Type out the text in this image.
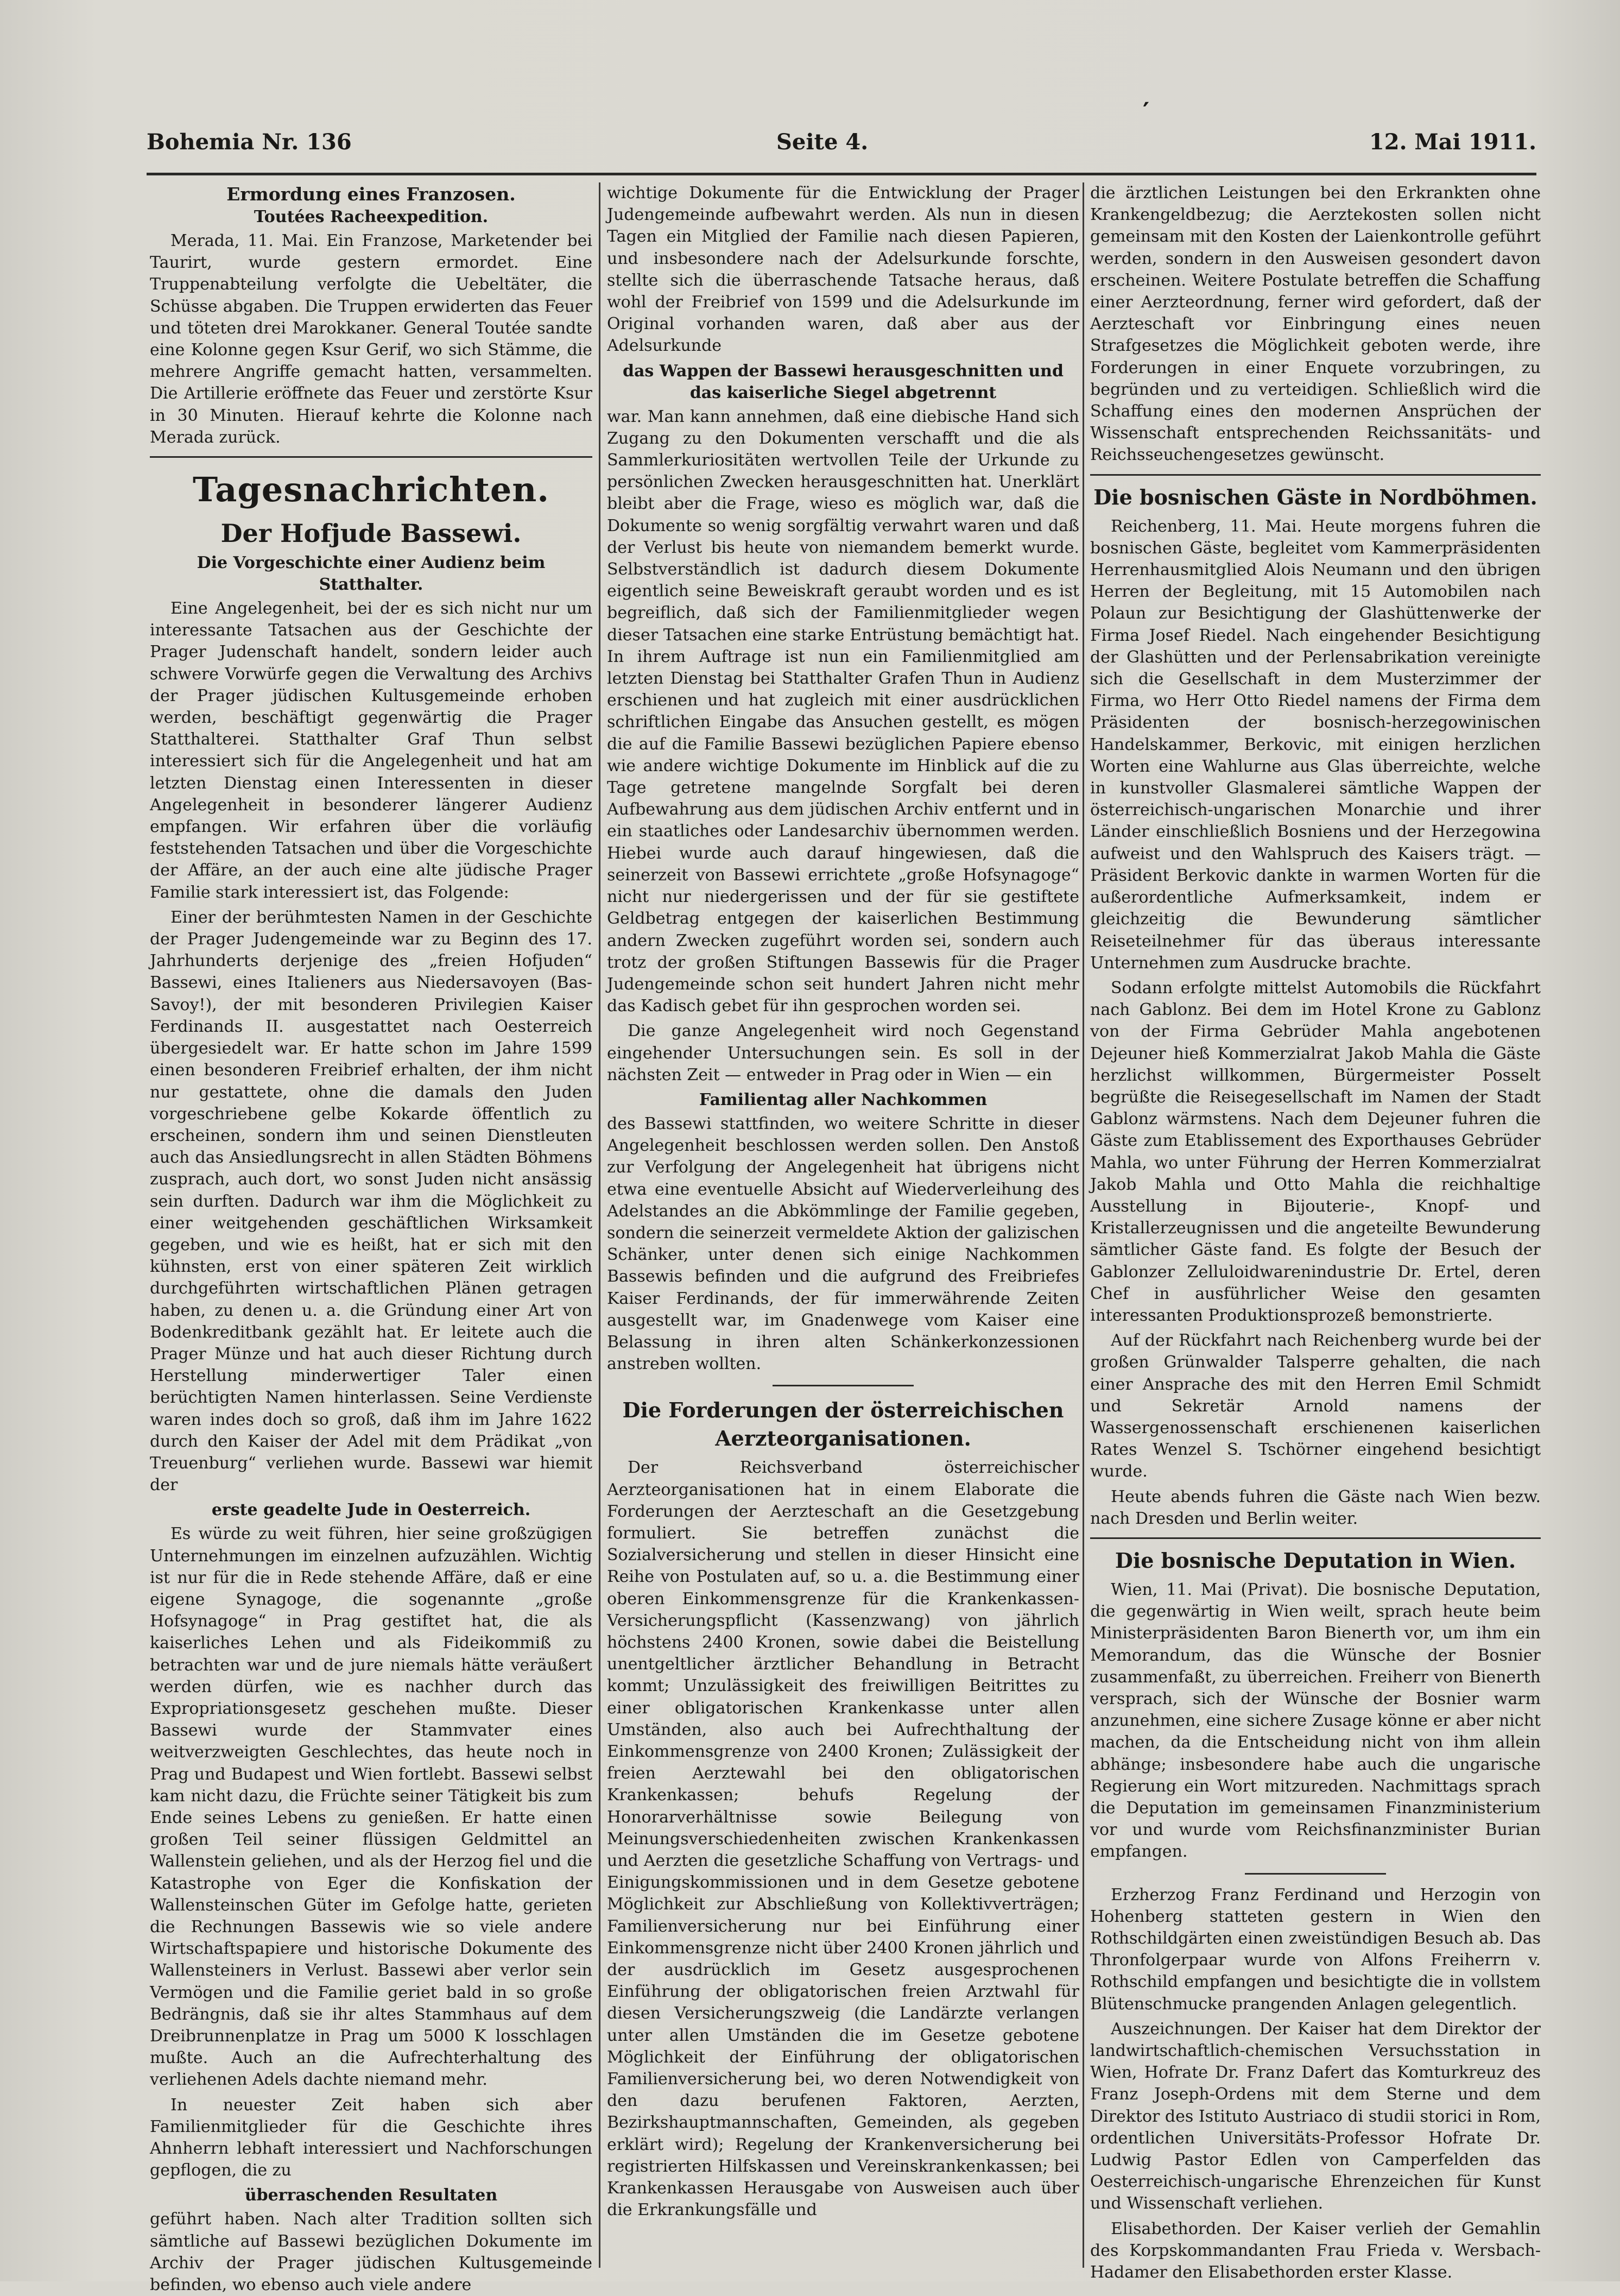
′
Bohemia Nr. 136	Seite 4.	12. Mai 1911.
Ermordung eines Franzosen.
Toutées Racheexpedition.

Merada, 11. Mai. Ein Franzose, Marketender bei Taurirt, wurde gestern ermordet. Eine Truppenabteilung verfolgte die Uebeltäter, die Schüsse abgaben. Die Truppen erwiderten das Feuer und töteten drei Marokkaner. General Toutée sandte eine Kolonne gegen Ksur Gerif, wo sich Stämme, die mehrere Angriffe gemacht hatten, versammelten. Die Artillerie eröffnete das Feuer und zerstörte Ksur in 30 Minuten. Hierauf kehrte die Kolonne nach Merada zurück.

Tagesnachrichten.
Der Hofjude Bassewi.
Die Vorgeschichte einer Audienz beim Statthalter.

Eine Angelegenheit, bei der es sich nicht nur um interessante Tatsachen aus der Geschichte der Prager Judenschaft handelt, sondern leider auch schwere Vorwürfe gegen die Verwaltung des Archivs der Prager jüdischen Kultusgemeinde erhoben werden, beschäftigt gegenwärtig die Prager Statthalterei. Statthalter Graf Thun selbst interessiert sich für die Angelegenheit und hat am letzten Dienstag einen Interessenten in dieser Angelegenheit in besonderer längerer Audienz empfangen. Wir erfahren über die vorläufig feststehenden Tatsachen und über die Vorgeschichte der Affäre, an der auch eine alte jüdische Prager Familie stark interessiert ist, das Folgende:

Einer der berühmtesten Namen in der Geschichte der Prager Judengemeinde war zu Beginn des 17. Jahrhunderts derjenige des „freien Hofjuden“ Bassewi, eines Italieners aus Niedersavoyen (Bas-Savoy!), der mit besonderen Privilegien Kaiser Ferdinands II. ausgestattet nach Oesterreich übergesiedelt war. Er hatte schon im Jahre 1599 einen besonderen Freibrief erhalten, der ihm nicht nur gestattete, ohne die damals den Juden vorgeschriebene gelbe Kokarde öffentlich zu erscheinen, sondern ihm und seinen Dienstleuten auch das Ansiedlungsrecht in allen Städten Böhmens zusprach, auch dort, wo sonst Juden nicht ansässig sein durften. Dadurch war ihm die Möglichkeit zu einer weitgehenden geschäftlichen Wirksamkeit gegeben, und wie es heißt, hat er sich mit den kühnsten, erst von einer späteren Zeit wirklich durchgeführten wirtschaftlichen Plänen getragen haben, zu denen u. a. die Gründung einer Art von Bodenkreditbank gezählt hat. Er leitete auch die Prager Münze und hat auch dieser Richtung durch Herstellung minderwertiger Taler einen berüchtigten Namen hinterlassen. Seine Verdienste waren indes doch so groß, daß ihm im Jahre 1622 durch den Kaiser der Adel mit dem Prädikat „von Treuenburg“ verliehen wurde. Bassewi war hiemit der

erste geadelte Jude in Oesterreich.

Es würde zu weit führen, hier seine großzügigen Unternehmungen im einzelnen aufzuzählen. Wichtig ist nur für die in Rede stehende Affäre, daß er eine eigene Synagoge, die sogenannte „große Hofsynagoge“ in Prag gestiftet hat, die als kaiserliches Lehen und als Fideikommiß zu betrachten war und de jure niemals hätte veräußert werden dürfen, wie es nachher durch das Expropriationsgesetz geschehen mußte. Dieser Bassewi wurde der Stammvater eines weitverzweigten Geschlechtes, das heute noch in Prag und Budapest und Wien fortlebt. Bassewi selbst kam nicht dazu, die Früchte seiner Tätigkeit bis zum Ende seines Lebens zu genießen. Er hatte einen großen Teil seiner flüssigen Geldmittel an Wallenstein geliehen, und als der Herzog fiel und die Katastrophe von Eger die Konfiskation der Wallensteinschen Güter im Gefolge hatte, gerieten die Rechnungen Bassewis wie so viele andere Wirtschaftspapiere und historische Dokumente des Wallensteiners in Verlust. Bassewi aber verlor sein Vermögen und die Familie geriet bald in so große Bedrängnis, daß sie ihr altes Stammhaus auf dem Dreibrunnenplatze in Prag um 5000 K losschlagen mußte. Auch an die Aufrechterhaltung des verliehenen Adels dachte niemand mehr.

In neuester Zeit haben sich aber Familienmitglieder für die Geschichte ihres Ahnherrn lebhaft interessiert und Nachforschungen gepflogen, die zu

überraschenden Resultaten

geführt haben. Nach alter Tradition sollten sich sämtliche auf Bassewi bezüglichen Dokumente im Archiv der Prager jüdischen Kultusgemeinde befinden, wo ebenso auch viele andere

wichtige Dokumente für die Entwicklung der Prager Judengemeinde aufbewahrt werden. Als nun in diesen Tagen ein Mitglied der Familie nach diesen Papieren, und insbesondere nach der Adelsurkunde forschte, stellte sich die überraschende Tatsache heraus, daß wohl der Freibrief von 1599 und die Adelsurkunde im Original vorhanden waren, daß aber aus der Adelsurkunde

das Wappen der Bassewi herausgeschnitten und das kaiserliche Siegel abgetrennt

war. Man kann annehmen, daß eine diebische Hand sich Zugang zu den Dokumenten verschafft und die als Sammlerkuriositäten wertvollen Teile der Urkunde zu persönlichen Zwecken herausgeschnitten hat. Unerklärt bleibt aber die Frage, wieso es möglich war, daß die Dokumente so wenig sorgfältig verwahrt waren und daß der Verlust bis heute von niemandem bemerkt wurde. Selbstverständlich ist dadurch diesem Dokumente eigentlich seine Beweiskraft geraubt worden und es ist begreiflich, daß sich der Familienmitglieder wegen dieser Tatsachen eine starke Entrüstung bemächtigt hat. In ihrem Auftrage ist nun ein Familienmitglied am letzten Dienstag bei Statthalter Grafen Thun in Audienz erschienen und hat zugleich mit einer ausdrücklichen schriftlichen Eingabe das Ansuchen gestellt, es mögen die auf die Familie Bassewi bezüglichen Papiere ebenso wie andere wichtige Dokumente im Hinblick auf die zu Tage getretene mangelnde Sorgfalt bei deren Aufbewahrung aus dem jüdischen Archiv entfernt und in ein staatliches oder Landesarchiv übernommen werden. Hiebei wurde auch darauf hingewiesen, daß die seinerzeit von Bassewi errichtete „große Hofsynagoge“ nicht nur niedergerissen und der für sie gestiftete Geldbetrag entgegen der kaiserlichen Bestimmung andern Zwecken zugeführt worden sei, sondern auch trotz der großen Stiftungen Bassewis für die Prager Judengemeinde schon seit hundert Jahren nicht mehr das Kadisch gebet für ihn gesprochen worden sei.

Die ganze Angelegenheit wird noch Gegenstand eingehender Untersuchungen sein. Es soll in der nächsten Zeit — entweder in Prag oder in Wien — ein

Familientag aller Nachkommen

des Bassewi stattfinden, wo weitere Schritte in dieser Angelegenheit beschlossen werden sollen. Den Anstoß zur Verfolgung der Angelegenheit hat übrigens nicht etwa eine eventuelle Absicht auf Wiederverleihung des Adelstandes an die Abkömmlinge der Familie gegeben, sondern die seinerzeit vermeldete Aktion der galizischen Schänker, unter denen sich einige Nachkommen Bassewis befinden und die aufgrund des Freibriefes Kaiser Ferdinands, der für immerwährende Zeiten ausgestellt war, im Gnadenwege vom Kaiser eine Belassung in ihren alten Schänkerkonzessionen anstreben wollten.

Die Forderungen der österreichischen Aerzteorganisationen.

Der Reichsverband österreichischer Aerzteorganisationen hat in einem Elaborate die Forderungen der Aerzteschaft an die Gesetzgebung formuliert. Sie betreffen zunächst die Sozialversicherung und stellen in dieser Hinsicht eine Reihe von Postulaten auf, so u. a. die Bestimmung einer oberen Einkommensgrenze für die Krankenkassen-Versicherungspflicht (Kassenzwang) von jährlich höchstens 2400 Kronen, sowie dabei die Beistellung unentgeltlicher ärztlicher Behandlung in Betracht kommt; Unzulässigkeit des freiwilligen Beitrittes zu einer obligatorischen Krankenkasse unter allen Umständen, also auch bei Aufrechthaltung der Einkommensgrenze von 2400 Kronen; Zulässigkeit der freien Aerztewahl bei den obligatorischen Krankenkassen; behufs Regelung der Honorarverhältnisse sowie Beilegung von Meinungsverschiedenheiten zwischen Krankenkassen und Aerzten die gesetzliche Schaffung von Vertrags- und Einigungskommissionen und in dem Gesetze gebotene Möglichkeit zur Abschließung von Kollektivverträgen; Familienversicherung nur bei Einführung einer Einkommensgrenze nicht über 2400 Kronen jährlich und der ausdrücklich im Gesetz ausgesprochenen Einführung der obligatorischen freien Arztwahl für diesen Versicherungszweig (die Landärzte verlangen unter allen Umständen die im Gesetze gebotene Möglichkeit der Einführung der obligatorischen Familienversicherung bei, wo deren Notwendigkeit von den dazu berufenen Faktoren, Aerzten, Bezirkshauptmannschaften, Gemeinden, als gegeben erklärt wird); Regelung der Krankenversicherung bei registrierten Hilfskassen und Vereinskrankenkassen; bei Krankenkassen Herausgabe von Ausweisen auch über die Erkrankungsfälle und

die ärztlichen Leistungen bei den Erkrankten ohne Krankengeldbezug; die Aerztekosten sollen nicht gemeinsam mit den Kosten der Laienkontrolle geführt werden, sondern in den Ausweisen gesondert davon erscheinen. Weitere Postulate betreffen die Schaffung einer Aerzteordnung, ferner wird gefordert, daß der Aerzteschaft vor Einbringung eines neuen Strafgesetzes die Möglichkeit geboten werde, ihre Forderungen in einer Enquete vorzubringen, zu begründen und zu verteidigen. Schließlich wird die Schaffung eines den modernen Ansprüchen der Wissenschaft entsprechenden Reichssanitäts- und Reichsseuchengesetzes gewünscht.

Die bosnischen Gäste in Nordböhmen.

Reichenberg, 11. Mai. Heute morgens fuhren die bosnischen Gäste, begleitet vom Kammerpräsidenten Herrenhausmitglied Alois Neumann und den übrigen Herren der Begleitung, mit 15 Automobilen nach Polaun zur Besichtigung der Glashüttenwerke der Firma Josef Riedel. Nach eingehender Besichtigung der Glashütten und der Perlensabrikation vereinigte sich die Gesellschaft in dem Musterzimmer der Firma, wo Herr Otto Riedel namens der Firma dem Präsidenten der bosnisch-herzegowinischen Handelskammer, Berkovic, mit einigen herzlichen Worten eine Wahlurne aus Glas überreichte, welche in kunstvoller Glasmalerei sämtliche Wappen der österreichisch-ungarischen Monarchie und ihrer Länder einschließlich Bosniens und der Herzegowina aufweist und den Wahlspruch des Kaisers trägt. — Präsident Berkovic dankte in warmen Worten für die außerordentliche Aufmerksamkeit, indem er gleichzeitig die Bewunderung sämtlicher Reiseteilnehmer für das überaus interessante Unternehmen zum Ausdrucke brachte.

Sodann erfolgte mittelst Automobils die Rückfahrt nach Gablonz. Bei dem im Hotel Krone zu Gablonz von der Firma Gebrüder Mahla angebotenen Dejeuner hieß Kommerzialrat Jakob Mahla die Gäste herzlichst willkommen, Bürgermeister Posselt begrüßte die Reisegesellschaft im Namen der Stadt Gablonz wärmstens. Nach dem Dejeuner fuhren die Gäste zum Etablissement des Exporthauses Gebrüder Mahla, wo unter Führung der Herren Kommerzialrat Jakob Mahla und Otto Mahla die reichhaltige Ausstellung in Bijouterie-, Knopf- und Kristallerzeugnissen und die angeteilte Bewunderung sämtlicher Gäste fand. Es folgte der Besuch der Gablonzer Zelluloidwarenindustrie Dr. Ertel, deren Chef in ausführlicher Weise den gesamten interessanten Produktionsprozeß bemonstrierte.

Auf der Rückfahrt nach Reichenberg wurde bei der großen Grünwalder Talsperre gehalten, die nach einer Ansprache des mit den Herren Emil Schmidt und Sekretär Arnold namens der Wassergenossenschaft erschienenen kaiserlichen Rates Wenzel S. Tschörner eingehend besichtigt wurde.

Heute abends fuhren die Gäste nach Wien bezw. nach Dresden und Berlin weiter.

Die bosnische Deputation in Wien.

Wien, 11. Mai (Privat). Die bosnische Deputation, die gegenwärtig in Wien weilt, sprach heute beim Ministerpräsidenten Baron Bienerth vor, um ihm ein Memorandum, das die Wünsche der Bosnier zusammenfaßt, zu überreichen. Freiherr von Bienerth versprach, sich der Wünsche der Bosnier warm anzunehmen, eine sichere Zusage könne er aber nicht machen, da die Entscheidung nicht von ihm allein abhänge; insbesondere habe auch die ungarische Regierung ein Wort mitzureden. Nachmittags sprach die Deputation im gemeinsamen Finanzministerium vor und wurde vom Reichsfinanzminister Burian empfangen.

Erzherzog Franz Ferdinand und Herzogin von Hohenberg statteten gestern in Wien den Rothschildgärten einen zweistündigen Besuch ab. Das Thronfolgerpaar wurde von Alfons Freiherrn v. Rothschild empfangen und besichtigte die in vollstem Blütenschmucke prangenden Anlagen gelegentlich.

Auszeichnungen. Der Kaiser hat dem Direktor der landwirtschaftlich-chemischen Versuchsstation in Wien, Hofrate Dr. Franz Dafert das Komturkreuz des Franz Joseph-Ordens mit dem Sterne und dem Direktor des Istituto Austriaco di studii storici in Rom, ordentlichen Universitäts-Professor Hofrate Dr. Ludwig Pastor Edlen von Camperfelden das Oesterreichisch-ungarische Ehrenzeichen für Kunst und Wissenschaft verliehen.

Elisabethorden. Der Kaiser verlieh der Gemahlin des Korpskommandanten Frau Frieda v. Wersbach-Hadamer den Elisabethorden erster Klasse.
